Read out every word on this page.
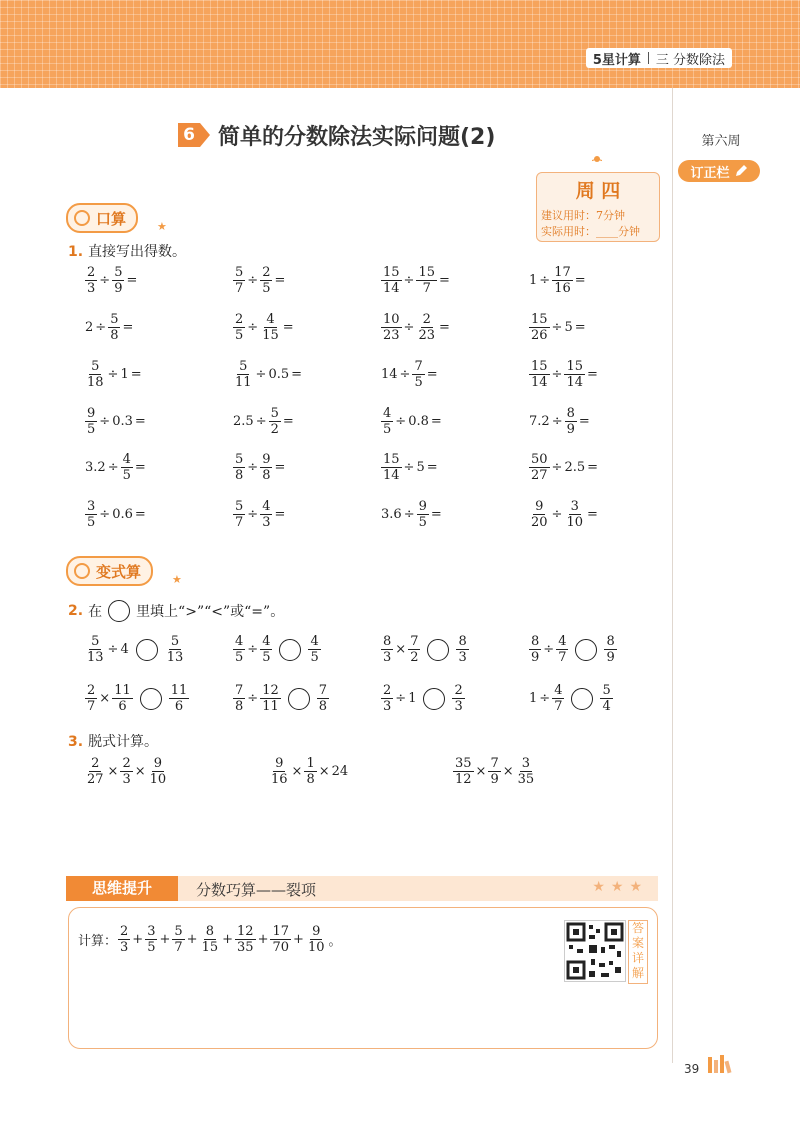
5星计算 三 分数除法
第六周
订正栏
6 简单的分数除法实际问题(2)
周 四
建议用时：7分钟
实际用时：____分钟
口算	★
1. 直接写出得数。
变式算	★
2. 在 里填上“>”“<”或“=”。
3. 脱式计算。
思维提升	分数巧算——裂项	★★★
计算： $\frac{2}{3} + \frac{3}{5} + \frac{5}{7} + \frac{8}{15} + \frac{12}{35} + \frac{17}{70} + \frac{9}{10}$ 。
答案详解
39
$\frac{2}{3} \div \frac{5}{9}$ =	$\frac{5}{7} \div \frac{2}{5}$ =	$\frac{15}{14} \div \frac{15}{7}$ =	$1 \div \frac{17}{16}$ =
$2 \div \frac{5}{8}$ =	$\frac{2}{5} \div \frac{4}{15}$ =	$\frac{10}{23} \div \frac{2}{23}$ =	$\frac{15}{26} \div 5$ =
$\frac{5}{18} \div 1$ =	$\frac{5}{11} \div 0.5$ =	$14 \div \frac{7}{5}$ =	$\frac{15}{14} \div \frac{15}{14}$ =
$\frac{9}{5} \div 0.3$ =	$2.5 \div \frac{5}{2}$ =	$\frac{4}{5} \div 0.8$ =	$7.2 \div \frac{8}{9}$ =
$3.2 \div \frac{4}{5}$ =	$\frac{5}{8} \div \frac{9}{8}$ =	$\frac{15}{14} \div 5$ =	$\frac{50}{27} \div 2.5$ =
$\frac{3}{5} \div 0.6$ =	$\frac{5}{7} \div \frac{4}{3}$ =	$3.6 \div \frac{9}{5}$ =	$\frac{9}{20} \div \frac{3}{10}$ =
$\frac{5}{13} \div 4$	$\frac{5}{13}$	$\frac{4}{5} \div \frac{4}{5}$	$\frac{4}{5}$	$\frac{8}{3} \times \frac{7}{2}$	$\frac{8}{3}$	$\frac{8}{9} \div \frac{4}{7}$	$\frac{8}{9}$
$\frac{2}{7} \times \frac{11}{6}$	$\frac{11}{6}$	$\frac{7}{8} \div \frac{12}{11}$	$\frac{7}{8}$	$\frac{2}{3} \div 1$	$\frac{2}{3}$	$1 \div \frac{4}{7}$	$\frac{5}{4}$
$\frac{2}{27} \times \frac{2}{3} \times \frac{9}{10}$	$\frac{9}{16} \times \frac{1}{8} \times 24$	$\frac{35}{12} \times \frac{7}{9} \times \frac{3}{35}$
